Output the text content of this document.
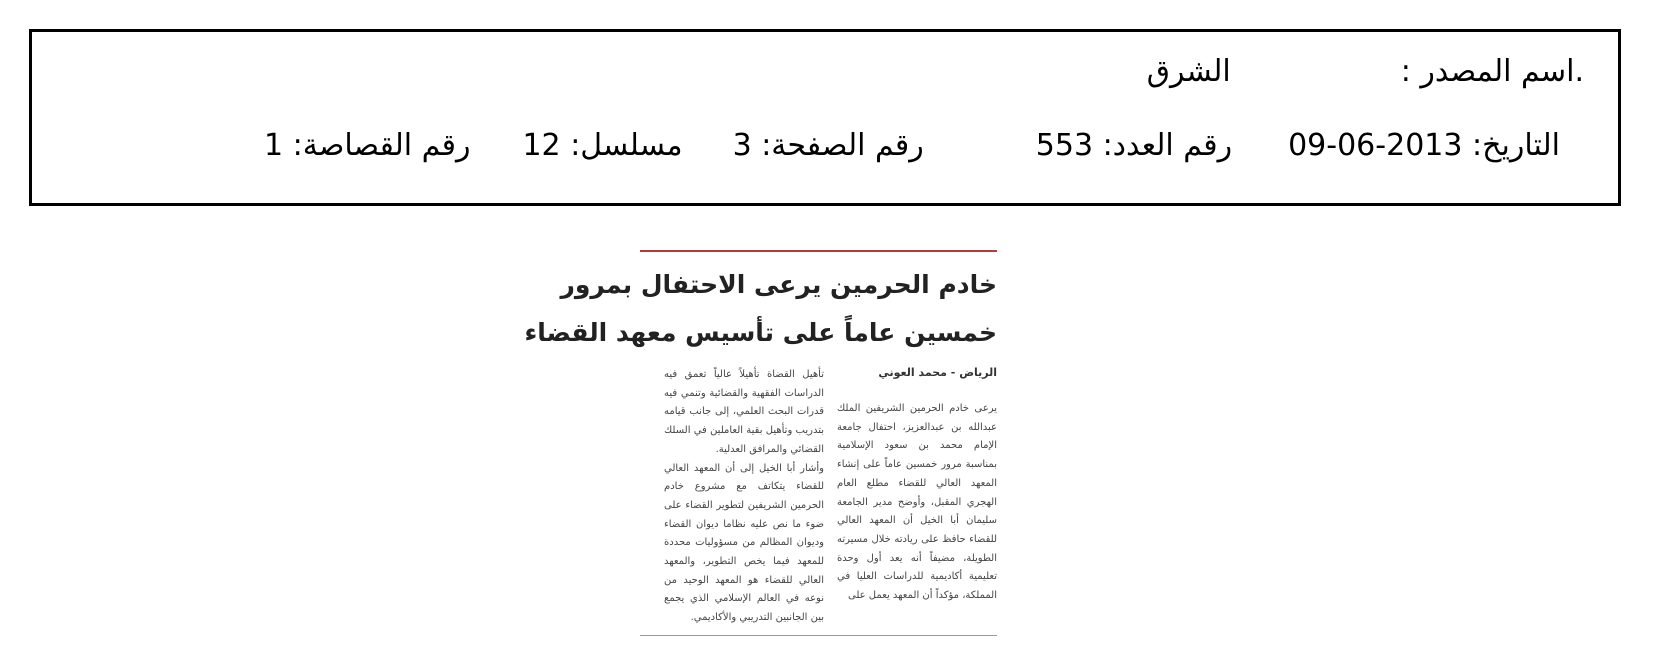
.اسم المصدر :الشرق
التاريخ: 2013-06-09رقم العدد: 553رقم الصفحة: 3مسلسل: 12رقم القصاصة: 1
خادم الحرمين يرعى الاحتفال بمرور
خمسين عاماً على تأسيس معهد القضاء
الرياض - محمد العوني

يرعى خادم الحرمين الشريفين الملك عبدالله بن عبدالعزيز، احتفال جامعة الإمام محمد بن سعود الإسلامية بمناسبة مرور خمسين عاماً على إنشاء المعهد العالي للقضاء مطلع العام الهجري المقبل، وأوضح مدير الجامعة سليمان أبا الخيل أن المعهد العالي للقضاء حافظ على ريادته خلال مسيرته الطويلة، مضيفاً أنه يعد أول وحدة تعليمية أكاديمية للدراسات العليا في المملكة، مؤكداً أن المعهد يعمل على

تأهيل القضاة تأهيلاً عالياً تعمق فيه الدراسات الفقهية والقضائية وتنمي فيه قدرات البحث العلمي، إلى جانب قيامه بتدريب وتأهيل بقية العاملين في السلك القضائي والمرافق العدلية.

وأشار أبا الخيل إلى أن المعهد العالي للقضاء يتكاتف مع مشروع خادم الحرمين الشريفين لتطوير القضاء على ضوء ما نص عليه نظاما ديوان القضاء وديوان المظالم من مسؤوليات محددة للمعهد فيما يخص التطوير، والمعهد العالي للقضاء هو المعهد الوحيد من نوعه في العالم الإسلامي الذي يجمع بين الجانبين التدريبي والأكاديمي.
